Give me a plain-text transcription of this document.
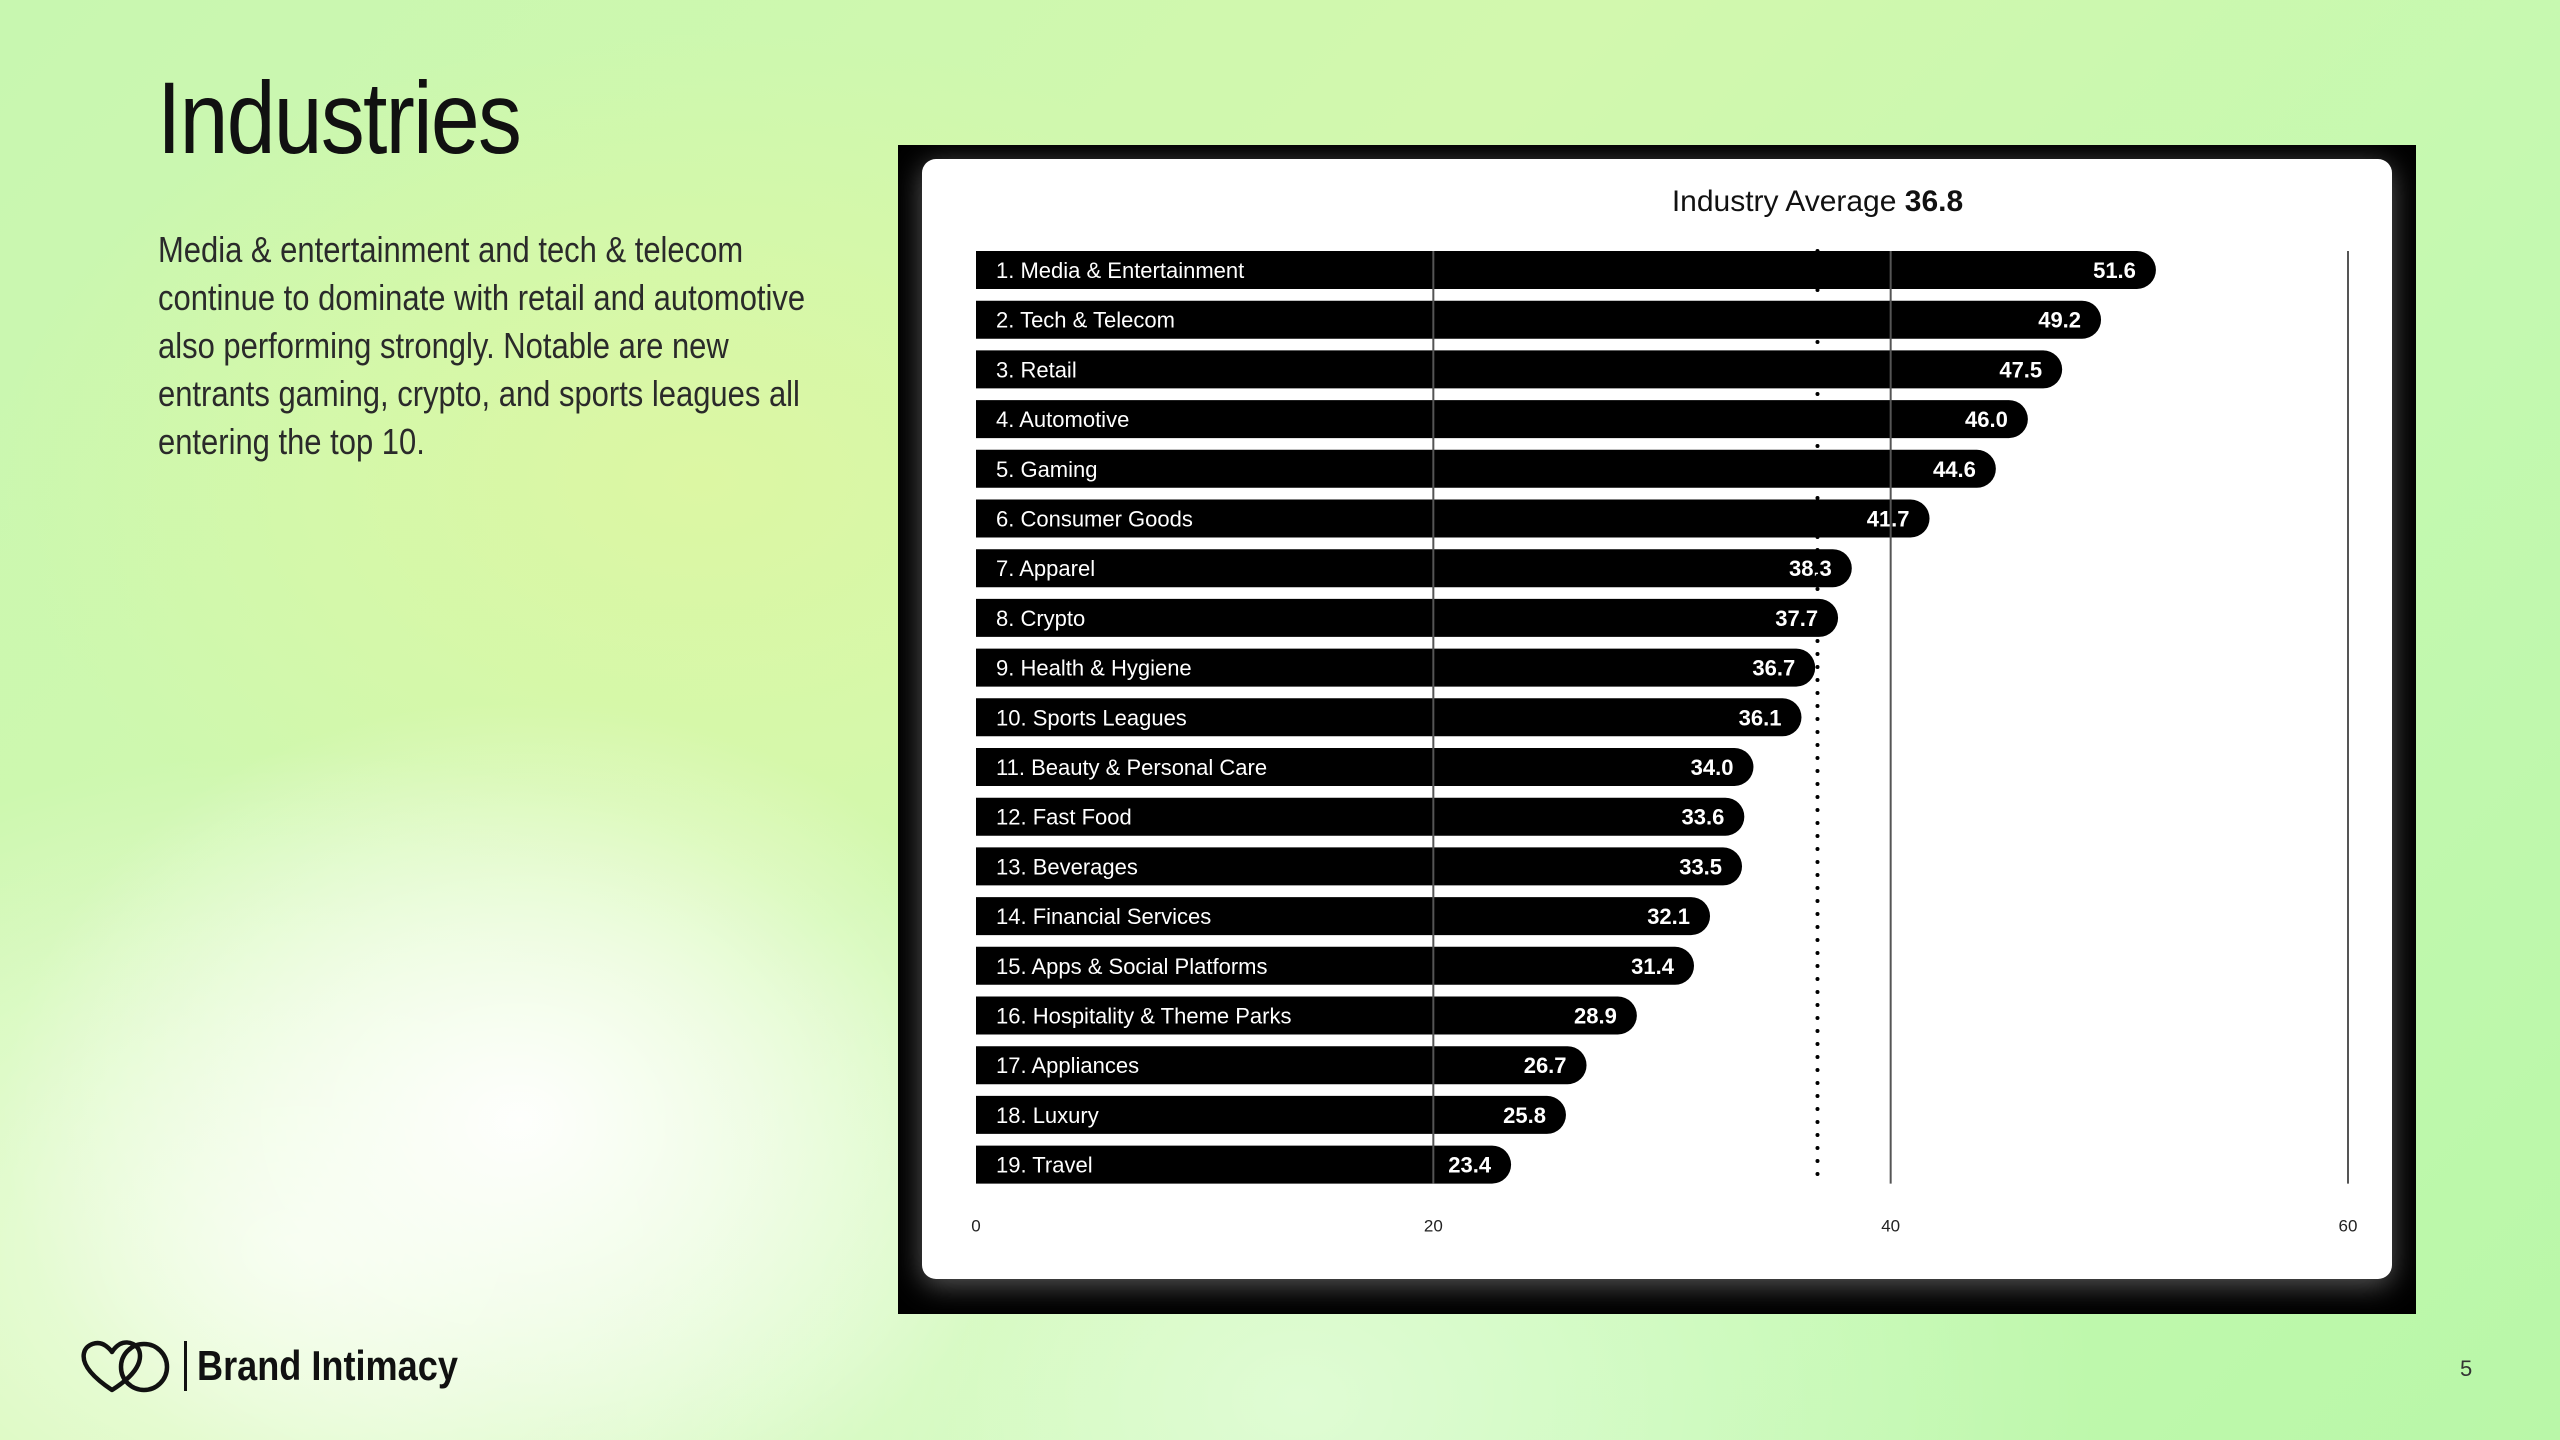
Industries
Media & entertainment and tech & telecom continue to dominate with retail and automotive also performing strongly. Notable are new entrants gaming, crypto, and sports leagues all entering the top 10.
Industry Average 36.8
1. Media & Entertainment	51.6
2. Tech & Telecom	49.2
3. Retail	47.5
4. Automotive	46.0
5. Gaming	44.6
6. Consumer Goods	41.7
7. Apparel	38.3
8. Crypto	37.7
9. Health & Hygiene	36.7
10. Sports Leagues	36.1
11. Beauty & Personal Care	34.0
12. Fast Food	33.6
13. Beverages	33.5
14. Financial Services	32.1
15. Apps & Social Platforms	31.4
16. Hospitality & Theme Parks	28.9
17. Appliances	26.7
18. Luxury	25.8
19. Travel	23.4
0	20	40	60
Brand Intimacy	5
